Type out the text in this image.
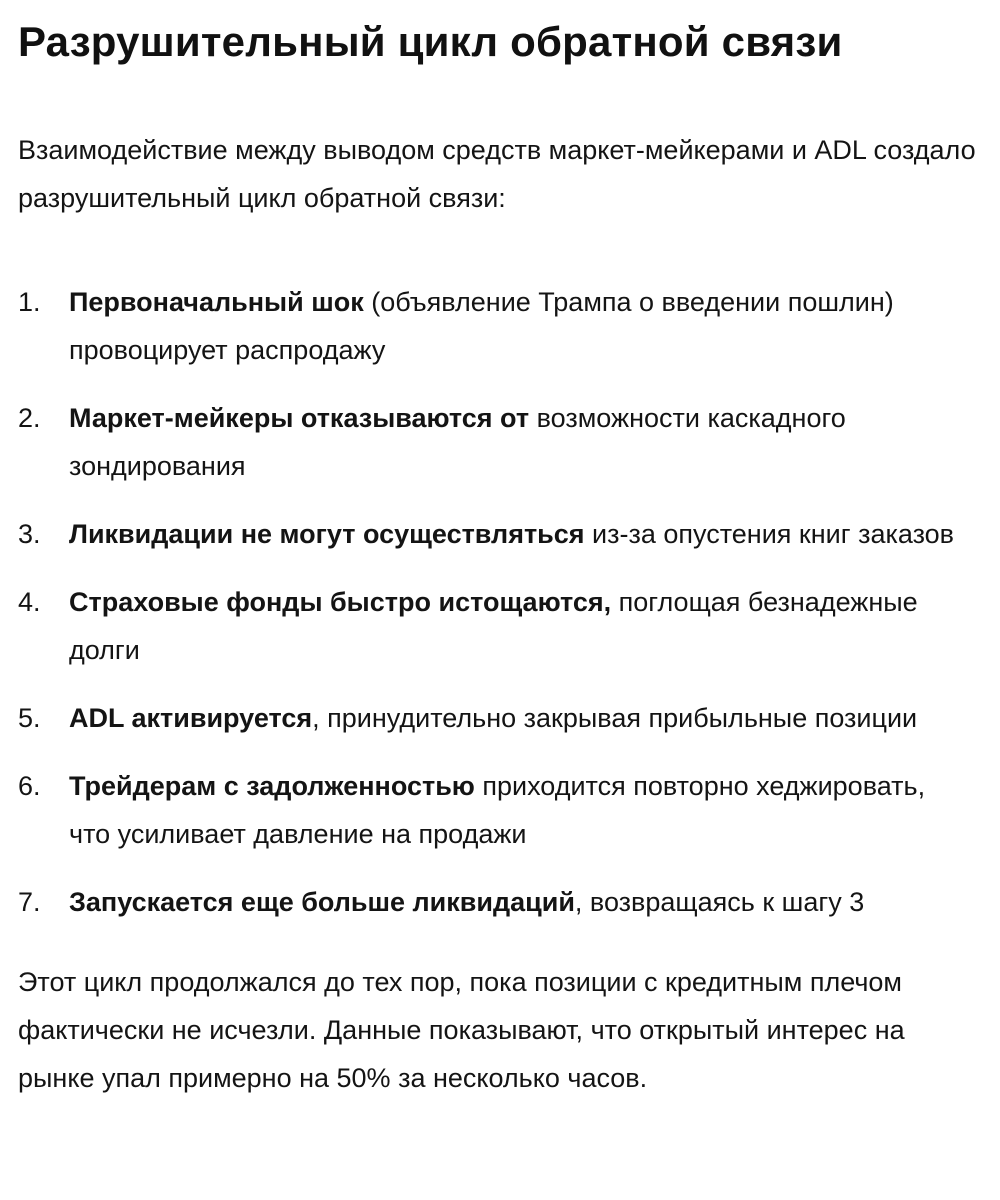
Разрушительный цикл обратной связи

Взаимодействие между выводом средств маркет-мейкерами и ADL создало разрушительный цикл обратной связи:

1. Первоначальный шок (объявление Трампа о введении пошлин) провоцирует распродажу
2. Маркет-мейкеры отказываются от возможности каскадного зондирования
3. Ликвидации не могут осуществляться из-за опустения книг заказов
4. Страховые фонды быстро истощаются, поглощая безнадежные долги
5. ADL активируется, принудительно закрывая прибыльные позиции
6. Трейдерам с задолженностью приходится повторно хеджировать, что усиливает давление на продажи
7. Запускается еще больше ликвидаций, возвращаясь к шагу 3

Этот цикл продолжался до тех пор, пока позиции с кредитным плечом фактически не исчезли. Данные показывают, что открытый интерес на рынке упал примерно на 50% за несколько часов.
